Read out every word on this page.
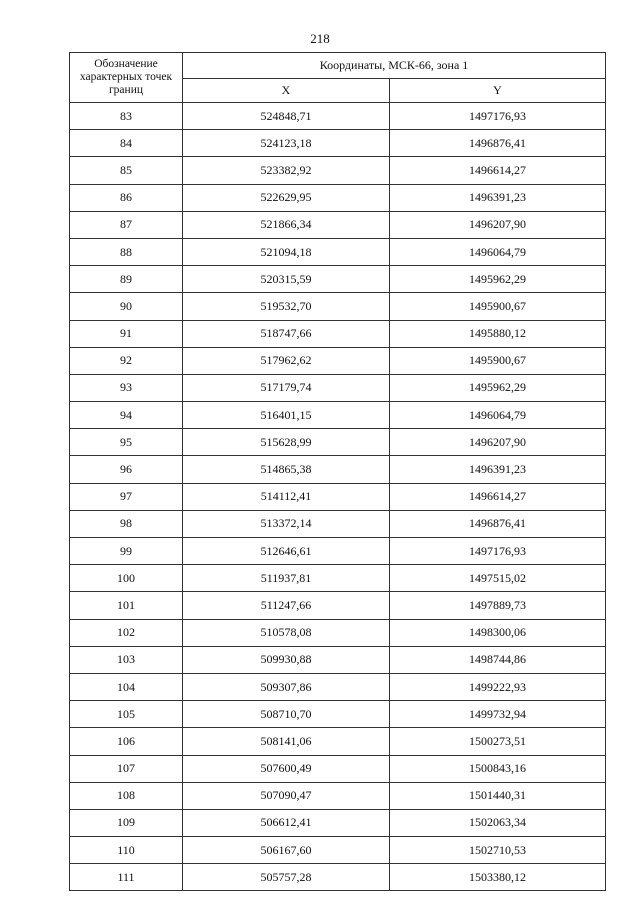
218
Обозначение характерных точек границ	Координаты, МСК-66, зона 1	
	X	Y
83	524848,71	1497176,93
84	524123,18	1496876,41
85	523382,92	1496614,27
86	522629,95	1496391,23
87	521866,34	1496207,90
88	521094,18	1496064,79
89	520315,59	1495962,29
90	519532,70	1495900,67
91	518747,66	1495880,12
92	517962,62	1495900,67
93	517179,74	1495962,29
94	516401,15	1496064,79
95	515628,99	1496207,90
96	514865,38	1496391,23
97	514112,41	1496614,27
98	513372,14	1496876,41
99	512646,61	1497176,93
100	511937,81	1497515,02
101	511247,66	1497889,73
102	510578,08	1498300,06
103	509930,88	1498744,86
104	509307,86	1499222,93
105	508710,70	1499732,94
106	508141,06	1500273,51
107	507600,49	1500843,16
108	507090,47	1501440,31
109	506612,41	1502063,34
110	506167,60	1502710,53
111	505757,28	1503380,12
